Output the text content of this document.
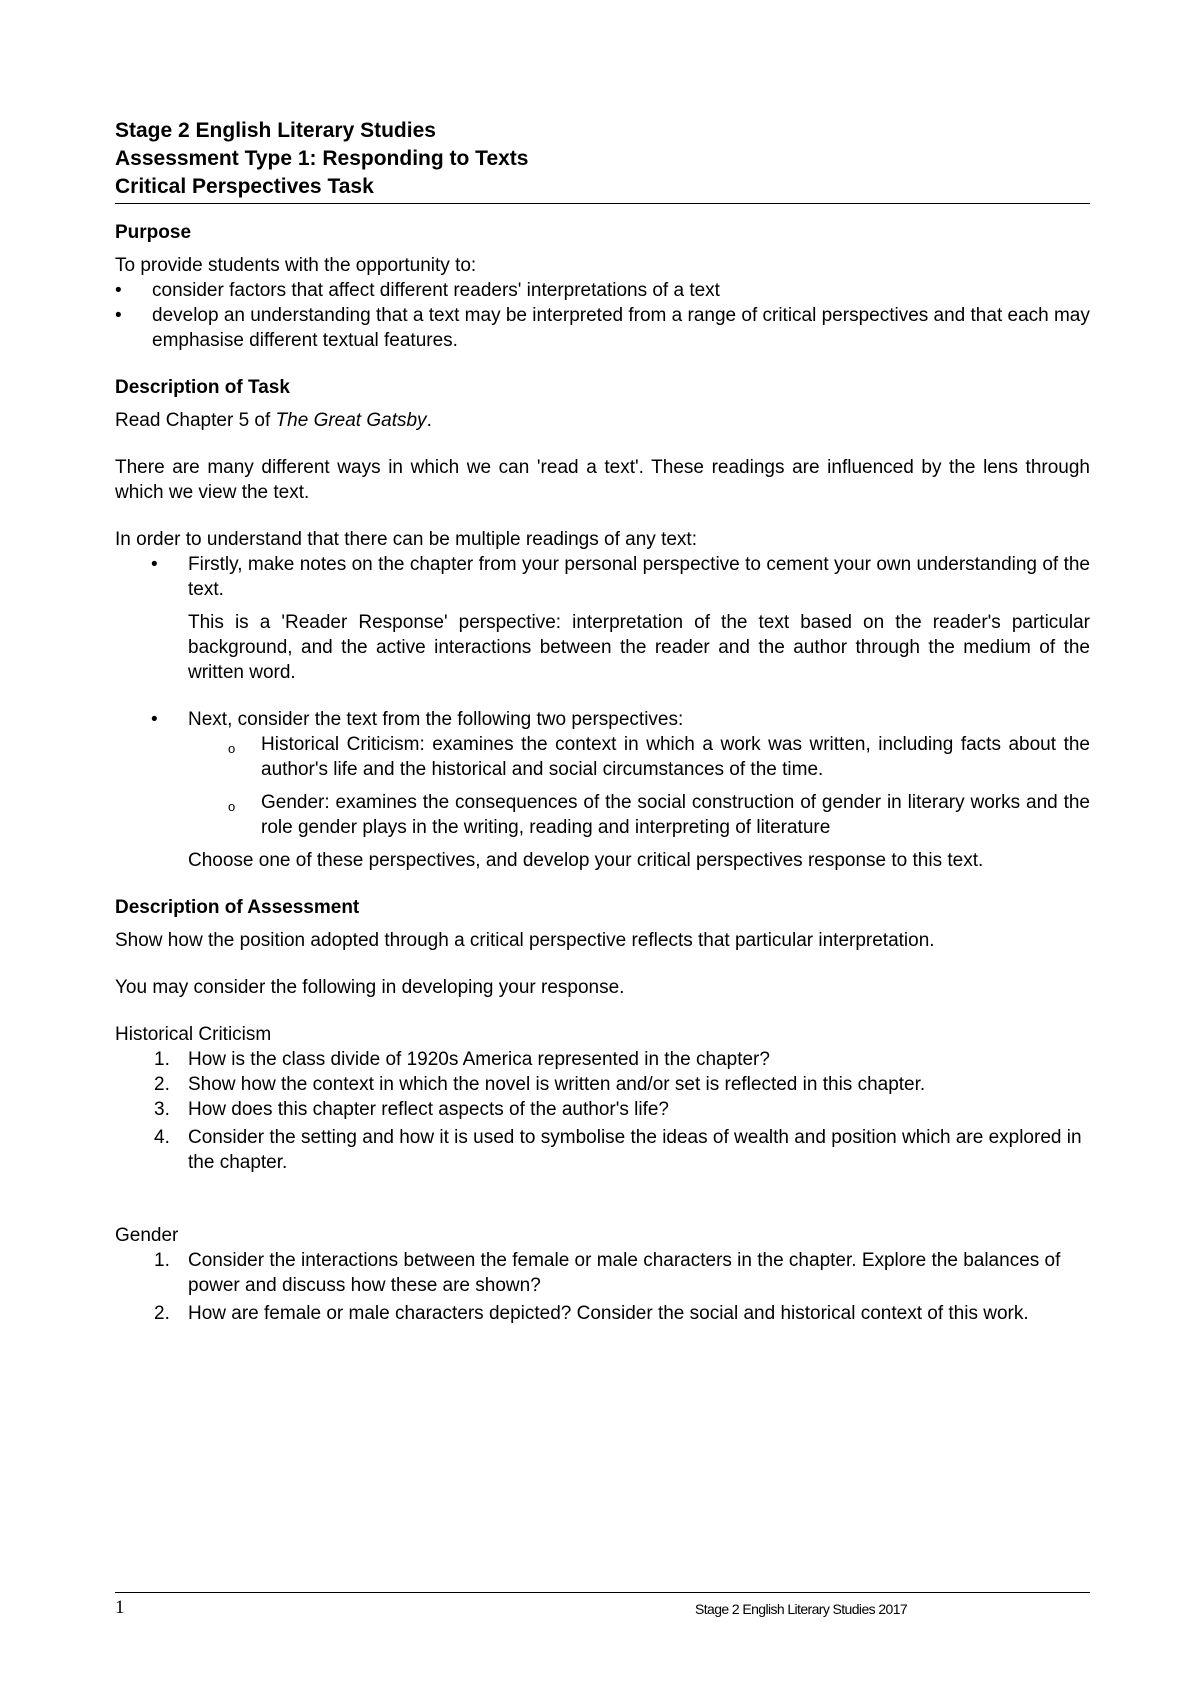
Stage 2 English Literary Studies
Assessment Type 1: Responding to Texts
Critical Perspectives Task

Purpose

To provide students with the opportunity to:

• consider factors that affect different readers' interpretations of a text
• develop an understanding that a text may be interpreted from a range of critical perspectives and that each may emphasise different textual features.

Description of Task

Read Chapter 5 of The Great Gatsby.

There are many different ways in which we can 'read a text'. These readings are influenced by the lens through which we view the text.

In order to understand that there can be multiple readings of any text:

• Firstly, make notes on the chapter from your personal perspective to cement your own understanding of the text.

This is a 'Reader Response' perspective: interpretation of the text based on the reader's particular background, and the active interactions between the reader and the author through the medium of the written word.

• Next, consider the text from the following two perspectives:
o Historical Criticism: examines the context in which a work was written, including facts about the author's life and the historical and social circumstances of the time.
o Gender: examines the consequences of the social construction of gender in literary works and the role gender plays in the writing, reading and interpreting of literature

Choose one of these perspectives, and develop your critical perspectives response to this text.

Description of Assessment

Show how the position adopted through a critical perspective reflects that particular interpretation.

You may consider the following in developing your response.

Historical Criticism

1. How is the class divide of 1920s America represented in the chapter?
2. Show how the context in which the novel is written and/or set is reflected in this chapter.
3. How does this chapter reflect aspects of the author's life?
4. Consider the setting and how it is used to symbolise the ideas of wealth and position which are explored in the chapter.

Gender

1. Consider the interactions between the female or male characters in the chapter. Explore the balances of power and discuss how these are shown?
2. How are female or male characters depicted? Consider the social and historical context of this work.
1	Stage 2 English Literary Studies 2017
